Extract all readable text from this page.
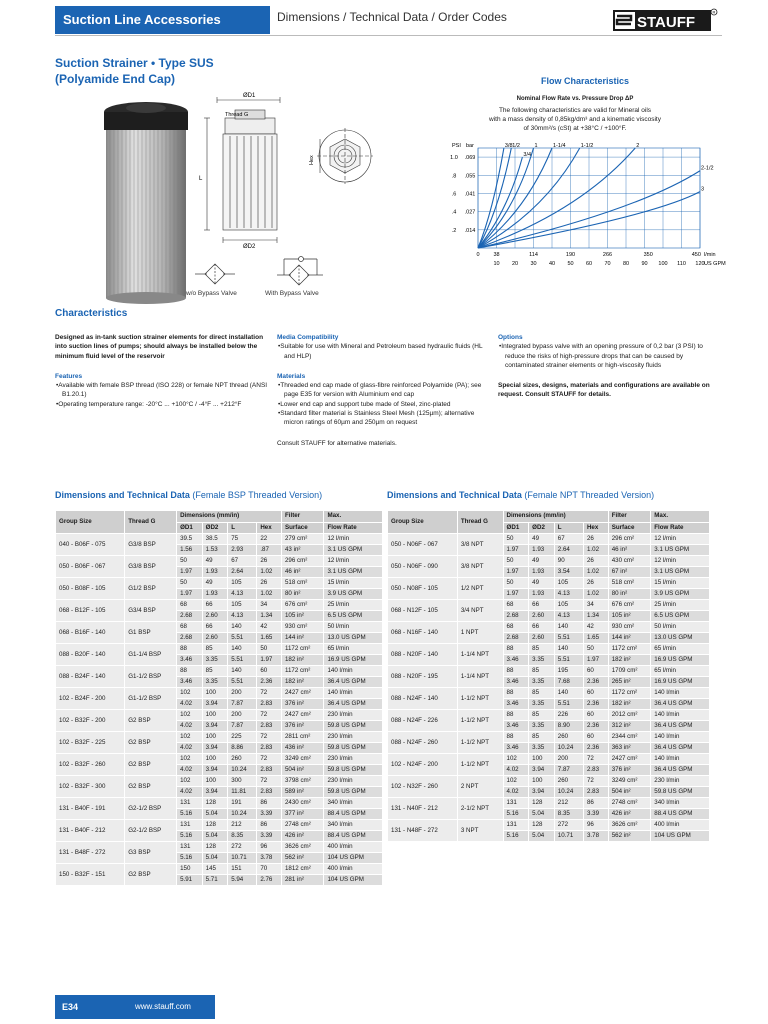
Suction Line Accessories	Dimensions / Technical Data / Order Codes	STAUFF
R
Suction Strainer • Type SUS
(Polyamide End Cap)
ØD1
Thread G
L
Hex
ØD2
w/o Bypass Valve	With Bypass Valve
Flow Characteristics
Nominal Flow Rate vs. Pressure Drop ΔP
The following characteristics are valid for Mineral oils
with a mass density of 0,85kg/dm³ and a kinematic viscosity
of 30mm²/s (cSt) at +38°C / +100°F.
PSI bar
1.0 .069
.8 .055
.6 .041
.4 .027
.2 .014
0	38	114	190	266	350	450 l/min
10 20 30 40 50 60 70 80 90 100 110 120 US GPM
3/8 1/2
3/4
1	1-1/4	1-1/2	2
2-1/2
3
Characteristics
Designed as in-tank suction strainer elements for direct installation into suction lines of pumps; should always be installed below the minimum fluid level of the reservoir
Features
• Available with female BSP thread (ISO 228) or female NPT thread (ANSI B1.20.1)
• Operating temperature range: -20°C ... +100°C / -4°F ... +212°F
Media Compatibility
• Suitable for use with Mineral and Petroleum based hydraulic fluids (HL and HLP)
Materials
• Threaded end cap made of glass-fibre reinforced Polyamide (PA); see page E35 for version with Aluminium end cap
• Lower end cap and support tube made of Steel, zinc-plated
• Standard filter material is Stainless Steel Mesh (125µm); alternative micron ratings of 60µm and 250µm on request
Consult STAUFF for alternative materials.
Options
• Integrated bypass valve with an opening pressure of 0,2 bar (3 PSI) to reduce the risks of high-pressure drops that can be caused by contaminated strainer elements or high-viscosity fluids
Special sizes, designs, materials and configurations are available on request. Consult STAUFF for details.
Dimensions and Technical Data (Female BSP Threaded Version)	Dimensions and Technical Data (Female NPT Threaded Version)
Group Size	Thread G	Dimensions (mm/in)				Filter	Max.
		ØD1	ØD2	L	Hex	Surface	Flow Rate
040 - B06F - 075	G3/8 BSP	39.5	38.5	75	22	279 cm²	12 l/min
		1.56	1.53	2.93	.87	43 in²	3.1 US GPM
050 - B06F - 067	G3/8 BSP	50	49	67	26	296 cm²	12 l/min
		1.97	1.93	2.64	1.02	46 in²	3.1 US GPM
050 - B08F - 105	G1/2 BSP	50	49	105	26	518 cm²	15 l/min
		1.97	1.93	4.13	1.02	80 in²	3.9 US GPM
068 - B12F - 105	G3/4 BSP	68	66	105	34	676 cm²	25 l/min
		2.68	2.60	4.13	1.34	105 in²	6.5 US GPM
068 - B16F - 140	G1 BSP	68	66	140	42	930 cm²	50 l/min
		2.68	2.60	5.51	1.65	144 in²	13.0 US GPM
088 - B20F - 140	G1-1/4 BSP	88	85	140	50	1172 cm²	65 l/min
		3.46	3.35	5.51	1.97	182 in²	16.9 US GPM
088 - B24F - 140	G1-1/2 BSP	88	85	140	60	1172 cm²	140 l/min
		3.46	3.35	5.51	2.36	182 in²	36.4 US GPM
102 - B24F - 200	G1-1/2 BSP	102	100	200	72	2427 cm²	140 l/min
		4.02	3.94	7.87	2.83	376 in²	36.4 US GPM
102 - B32F - 200	G2 BSP	102	100	200	72	2427 cm²	230 l/min
		4.02	3.94	7.87	2.83	376 in²	59.8 US GPM
102 - B32F - 225	G2 BSP	102	100	225	72	2811 cm²	230 l/min
		4.02	3.94	8.86	2.83	436 in²	59.8 US GPM
102 - B32F - 260	G2 BSP	102	100	260	72	3249 cm²	230 l/min
		4.02	3.94	10.24	2.83	504 in²	59.8 US GPM
102 - B32F - 300	G2 BSP	102	100	300	72	3798 cm²	230 l/min
		4.02	3.94	11.81	2.83	589 in²	59.8 US GPM
131 - B40F - 191	G2-1/2 BSP	131	128	191	86	2430 cm²	340 l/min
		5.16	5.04	10.24	3.39	377 in²	88.4 US GPM
131 - B40F - 212	G2-1/2 BSP	131	128	212	86	2748 cm²	340 l/min
		5.16	5.04	8.35	3.39	426 in²	88.4 US GPM
131 - B48F - 272	G3 BSP	131	128	272	96	3626 cm²	400 l/min
		5.16	5.04	10.71	3.78	562 in²	104 US GPM
150 - B32F - 151	G2 BSP	150	145	151	70	1812 cm²	400 l/min
		5.91	5.71	5.94	2.76	281 in²	104 US GPM
Group Size	Thread G	Dimensions (mm/in)				Filter	Max.
		ØD1	ØD2	L	Hex	Surface	Flow Rate
050 - N06F - 067	3/8 NPT	50	49	67	26	296 cm²	12 l/min
		1.97	1.93	2.64	1.02	46 in²	3.1 US GPM
050 - N06F - 090	3/8 NPT	50	49	90	26	430 cm²	12 l/min
		1.97	1.93	3.54	1.02	67 in²	3.1 US GPM
050 - N08F - 105	1/2 NPT	50	49	105	26	518 cm²	15 l/min
		1.97	1.93	4.13	1.02	80 in²	3.9 US GPM
068 - N12F - 105	3/4 NPT	68	66	105	34	676 cm²	25 l/min
		2.68	2.60	4.13	1.34	105 in²	6.5 US GPM
068 - N16F - 140	1 NPT	68	66	140	42	930 cm²	50 l/min
		2.68	2.60	5.51	1.65	144 in²	13.0 US GPM
088 - N20F - 140	1-1/4 NPT	88	85	140	50	1172 cm²	65 l/min
		3.46	3.35	5.51	1.97	182 in²	16.9 US GPM
088 - N20F - 195	1-1/4 NPT	88	85	195	60	1709 cm²	65 l/min
		3.46	3.35	7.68	2.36	265 in²	16.9 US GPM
088 - N24F - 140	1-1/2 NPT	88	85	140	60	1172 cm²	140 l/min
		3.46	3.35	5.51	2.36	182 in²	36.4 US GPM
088 - N24F - 226	1-1/2 NPT	88	85	226	60	2012 cm²	140 l/min
		3.46	3.35	8.90	2.36	312 in²	36.4 US GPM
088 - N24F - 260	1-1/2 NPT	88	85	260	60	2344 cm²	140 l/min
		3.46	3.35	10.24	2.36	363 in²	36.4 US GPM
102 - N24F - 200	1-1/2 NPT	102	100	200	72	2427 cm²	140 l/min
		4.02	3.94	7.87	2.83	376 in²	36.4 US GPM
102 - N32F - 260	2 NPT	102	100	260	72	3249 cm²	230 l/min
		4.02	3.94	10.24	2.83	504 in²	59.8 US GPM
131 - N40F - 212	2-1/2 NPT	131	128	212	86	2748 cm²	340 l/min
		5.16	5.04	8.35	3.39	426 in²	88.4 US GPM
131 - N48F - 272	3 NPT	131	128	272	96	3626 cm²	400 l/min
		5.16	5.04	10.71	3.78	562 in²	104 US GPM
E34	www.stauff.com
